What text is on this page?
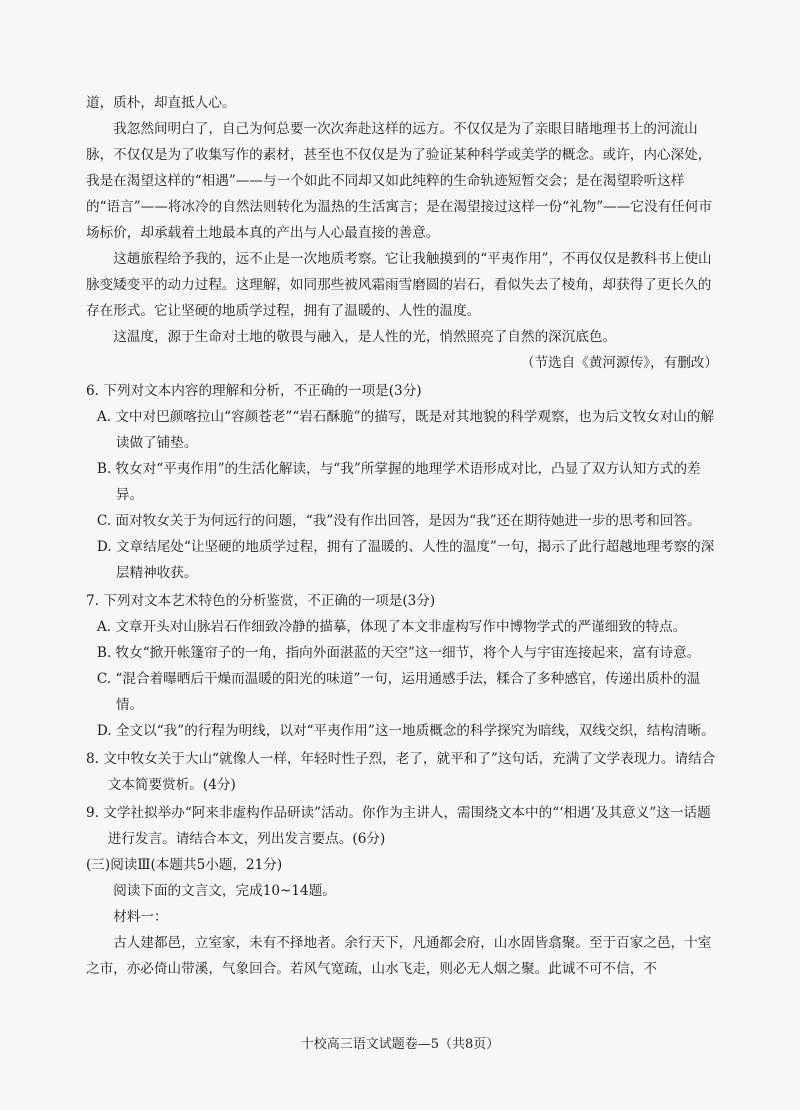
道，质朴，却直抵人心。

我忽然间明白了，自己为何总要一次次奔赴这样的远方。不仅仅是为了亲眼目睹地理书上的河流山脉，不仅仅是为了收集写作的素材，甚至也不仅仅是为了验证某种科学或美学的概念。或许，内心深处，我是在渴望这样的“相遇”——与一个如此不同却又如此纯粹的生命轨迹短暂交会；是在渴望聆听这样的“语言”——将冰冷的自然法则转化为温热的生活寓言；是在渴望接过这样一份“礼物”——它没有任何市场标价，却承载着土地最本真的产出与人心最直接的善意。

这趟旅程给予我的，远不止是一次地质考察。它让我触摸到的“平夷作用”，不再仅仅是教科书上使山脉变矮变平的动力过程。这理解，如同那些被风霜雨雪磨圆的岩石，看似失去了棱角，却获得了更长久的存在形式。它让坚硬的地质学过程，拥有了温暖的、人性的温度。

这温度，源于生命对土地的敬畏与融入，是人性的光，悄然照亮了自然的深沉底色。

（节选自《黄河源传》，有删改）

6. 下列对文本内容的理解和分析，不正确的一项是(3分)

A. 文中对巴颜喀拉山“容颜苍老”“岩石酥脆”的描写，既是对其地貌的科学观察，也为后文牧女对山的解读做了铺垫。

B. 牧女对“平夷作用”的生活化解读，与“我”所掌握的地理学术语形成对比，凸显了双方认知方式的差异。

C. 面对牧女关于为何远行的问题，“我”没有作出回答，是因为“我”还在期待她进一步的思考和回答。

D. 文章结尾处“让坚硬的地质学过程，拥有了温暖的、人性的温度”一句，揭示了此行超越地理考察的深层精神收获。

7. 下列对文本艺术特色的分析鉴赏，不正确的一项是(3分)

A. 文章开头对山脉岩石作细致冷静的描摹，体现了本文非虚构写作中博物学式的严谨细致的特点。

B. 牧女“掀开帐篷帘子的一角，指向外面湛蓝的天空”这一细节，将个人与宇宙连接起来，富有诗意。

C. “混合着曝晒后干燥而温暖的阳光的味道”一句，运用通感手法，糅合了多种感官，传递出质朴的温情。

D. 全文以“我”的行程为明线，以对“平夷作用”这一地质概念的科学探究为暗线，双线交织，结构清晰。

8. 文中牧女关于大山“就像人一样，年轻时性子烈，老了，就平和了”这句话，充满了文学表现力。请结合文本简要赏析。(4分)

9. 文学社拟举办“阿来非虚构作品研读”活动。你作为主讲人，需围绕文本中的“‘相遇’及其意义”这一话题进行发言。请结合本文，列出发言要点。(6分)

(三)阅读Ⅲ(本题共5小题，21分)

阅读下面的文言文，完成10~14题。

材料一：

古人建都邑，立室家，未有不择地者。余行天下，凡通都会府，山水固皆翕聚。至于百家之邑，十室之市，亦必倚山带溪，气象回合。若风气宽疏，山水飞走，则必无人烟之聚。此诚不可不信，不

十校高三语文试题卷—5（共8页）
